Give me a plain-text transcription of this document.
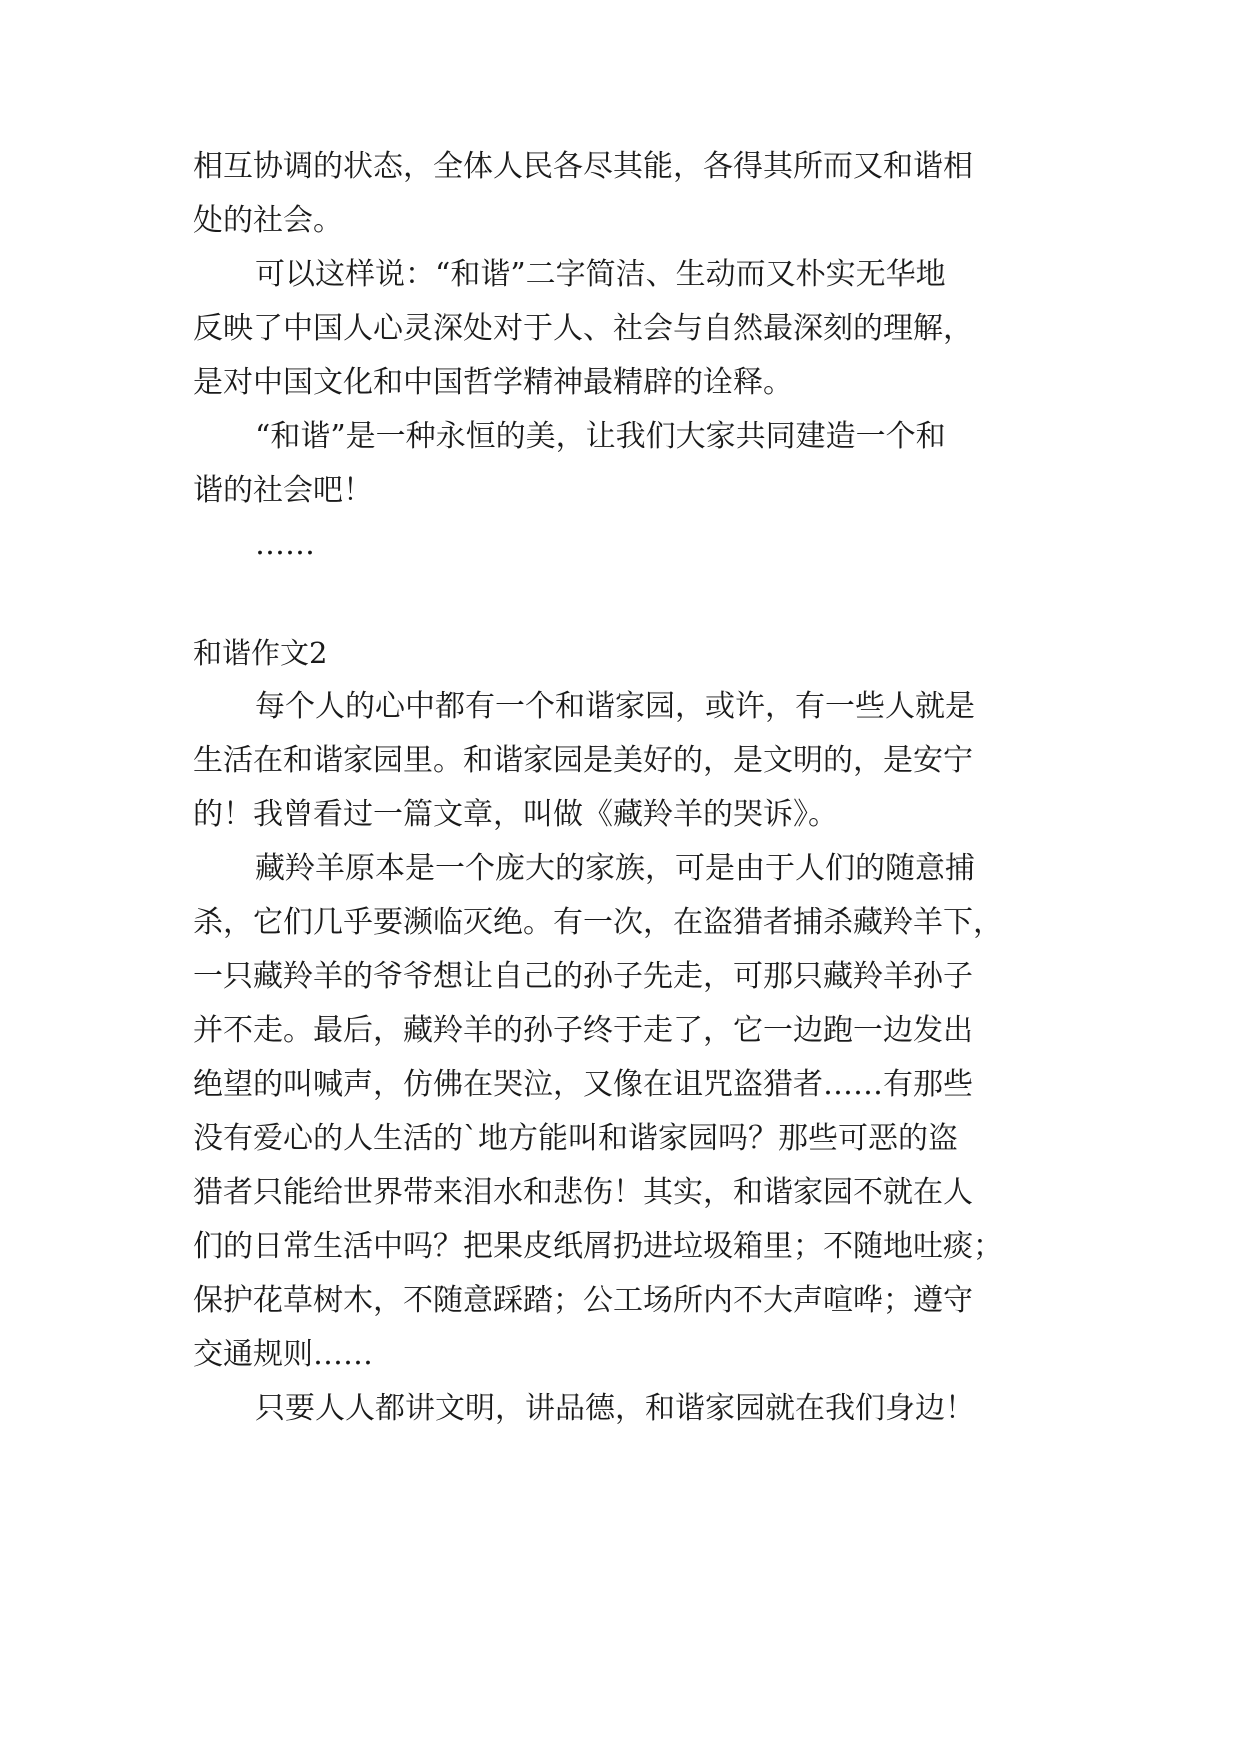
相互协调的状态，全体人民各尽其能，各得其所而又和谐相
处的社会。
可以这样说：“和谐”二字简洁、生动而又朴实无华地
反映了中国人心灵深处对于人、社会与自然最深刻的理解，
是对中国文化和中国哲学精神最精辟的诠释。
“和谐”是一种永恒的美，让我们大家共同建造一个和
谐的社会吧！
……
和谐作文2
每个人的心中都有一个和谐家园，或许，有一些人就是
生活在和谐家园里。和谐家园是美好的，是文明的，是安宁
的！我曾看过一篇文章，叫做《藏羚羊的哭诉》。
藏羚羊原本是一个庞大的家族，可是由于人们的随意捕
杀，它们几乎要濒临灭绝。有一次，在盗猎者捕杀藏羚羊下，
一只藏羚羊的爷爷想让自己的孙子先走，可那只藏羚羊孙子
并不走。最后，藏羚羊的孙子终于走了，它一边跑一边发出
绝望的叫喊声，仿佛在哭泣，又像在诅咒盗猎者……有那些
没有爱心的人生活的`地方能叫和谐家园吗？那些可恶的盗
猎者只能给世界带来泪水和悲伤！其实，和谐家园不就在人
们的日常生活中吗？把果皮纸屑扔进垃圾箱里；不随地吐痰；
保护花草树木，不随意踩踏；公工场所内不大声喧哗；遵守
交通规则……
只要人人都讲文明，讲品德，和谐家园就在我们身边！
